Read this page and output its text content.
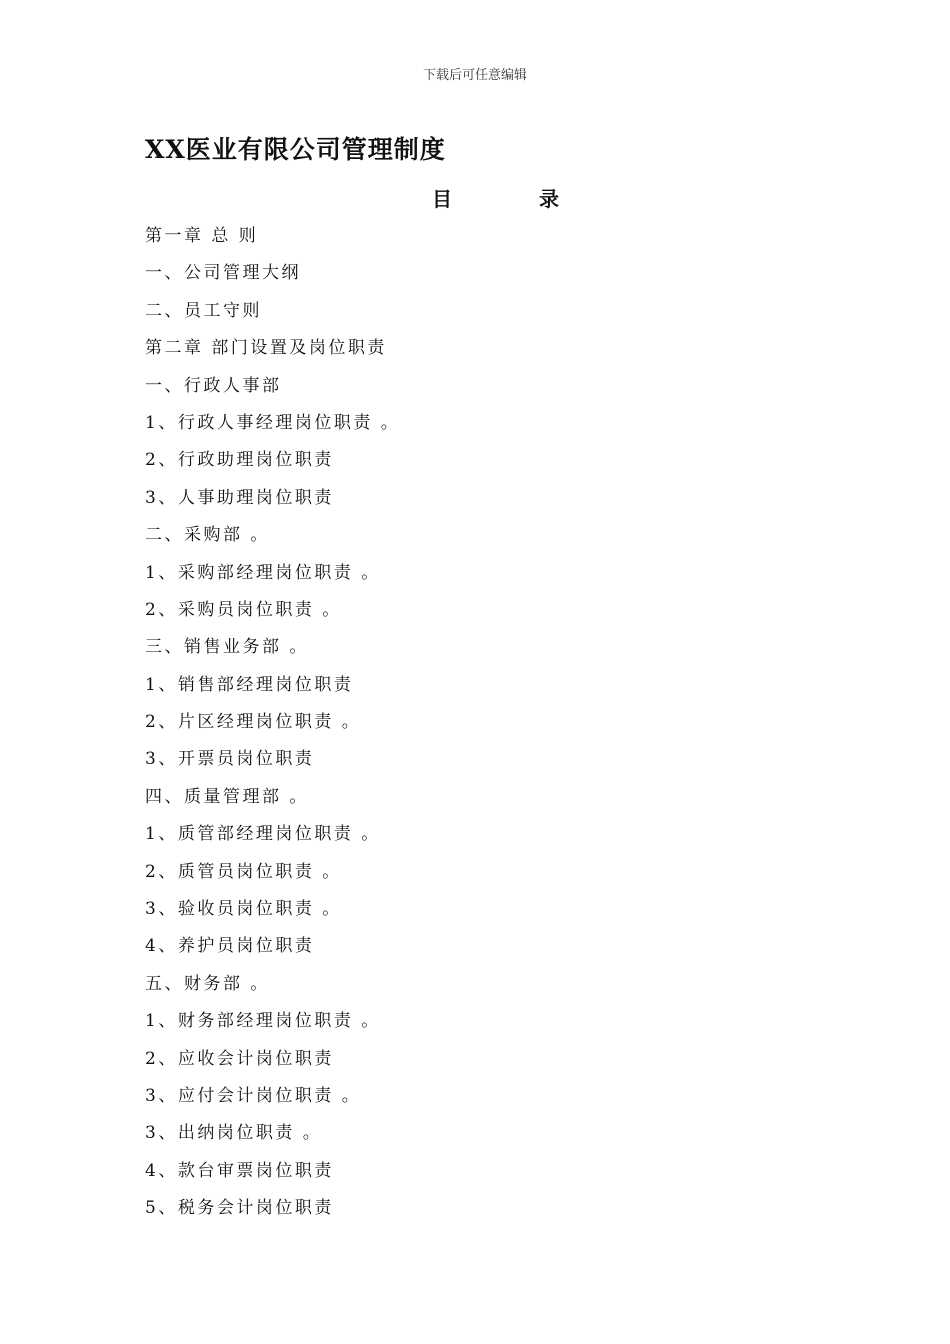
下载后可任意编辑
XX医业有限公司管理制度
目 录
第一章 总 则
一、公司管理大纲
二、员工守则
第二章 部门设置及岗位职责
一、行政人事部
1、行政人事经理岗位职责 。
2、行政助理岗位职责
3、人事助理岗位职责
二、采购部 。
1、采购部经理岗位职责 。
2、采购员岗位职责 。
三、销售业务部 。
1、销售部经理岗位职责
2、片区经理岗位职责 。
3、开票员岗位职责
四、质量管理部 。
1、质管部经理岗位职责 。
2、质管员岗位职责 。
3、验收员岗位职责 。
4、养护员岗位职责
五、财务部 。
1、财务部经理岗位职责 。
2、应收会计岗位职责
3、应付会计岗位职责 。
3、出纳岗位职责 。
4、款台审票岗位职责
5、税务会计岗位职责
